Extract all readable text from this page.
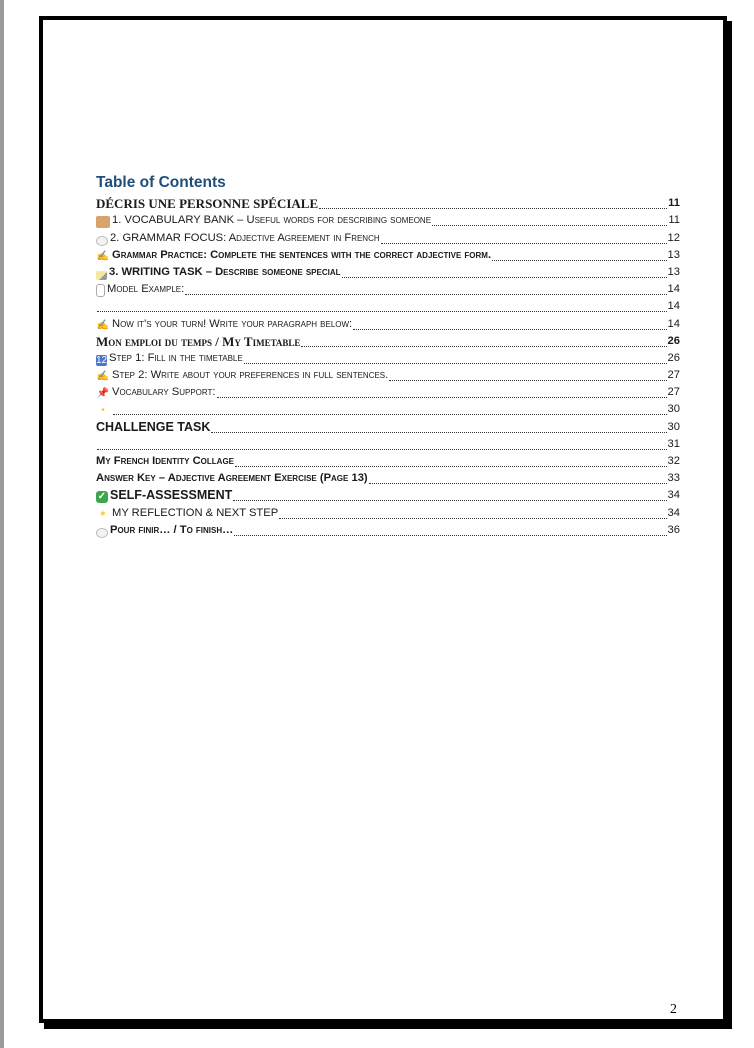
Table of Contents
DÉCRIS UNE PERSONNE SPÉCIALE	11
1. VOCABULARY BANK – Useful words for describing someone	11
2. GRAMMAR FOCUS: Adjective Agreement in French	12
✍ Grammar Practice: Complete the sentences with the correct adjective form.	13
3. WRITING TASK – Describe someone special	13
Model Example:	14
14
✍ Now it's your turn! Write your paragraph below:	14
Mon emploi du temps / My Timetable	26
12 Step 1: Fill in the timetable	26
✍ Step 2: Write about your preferences in full sentences.	27
📌 Vocabulary Support:	27
•	30
CHALLENGE TASK	30
31
My French Identity Collage	32
Answer Key – Adjective Agreement Exercise (Page 13)	33
✓ SELF-ASSESSMENT	34
✶ MY REFLECTION & NEXT STEP	34
Pour finir… / To finish…	36
2
